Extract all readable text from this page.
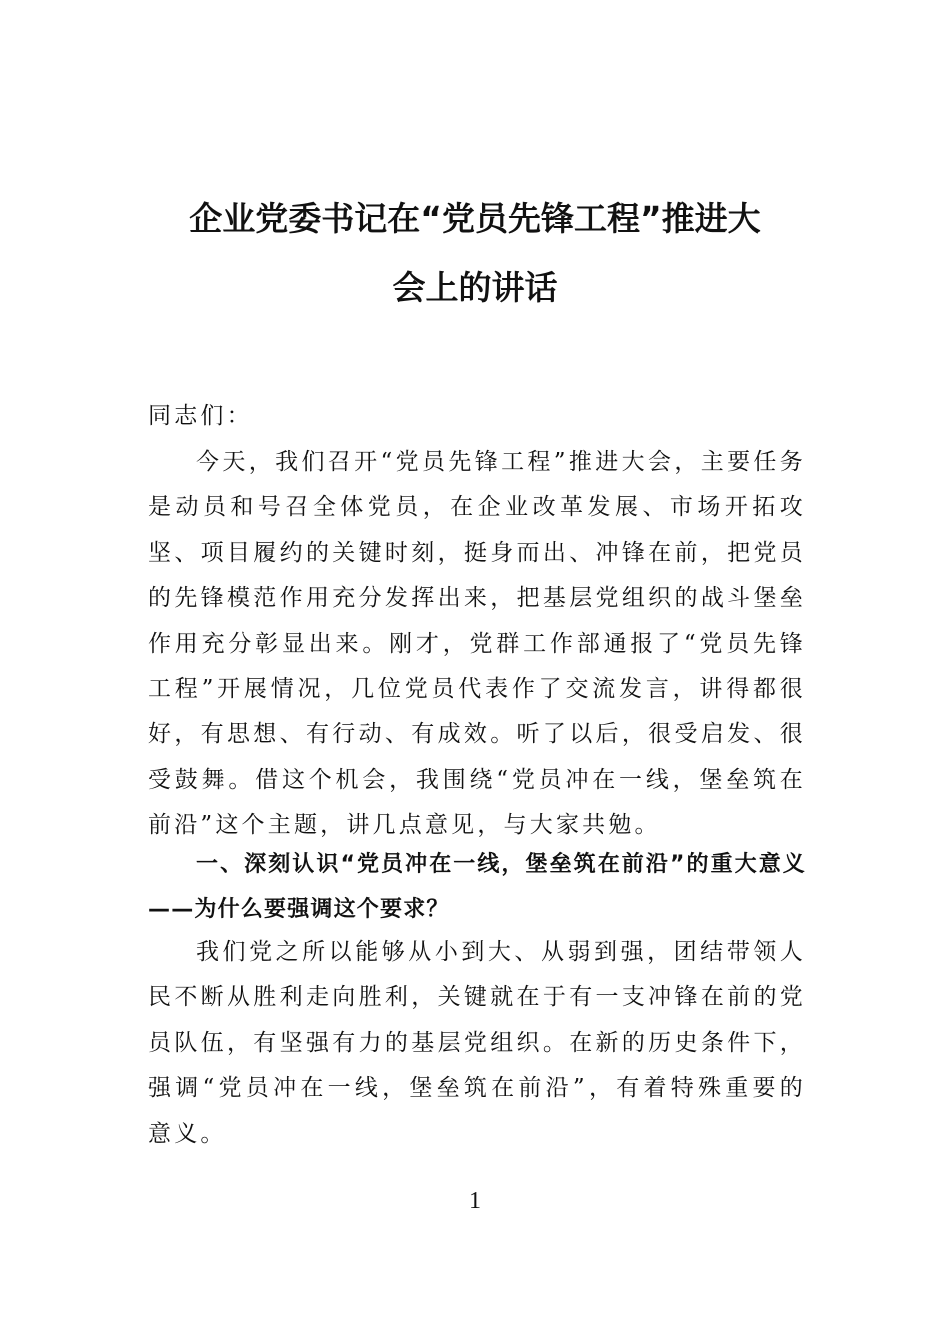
企业党委书记在“党员先锋工程”推进大
会上的讲话
同志们：
今天，我们召开“党员先锋工程”推进大会，主要任务是动员和号召全体党员，在企业改革发展、市场开拓攻坚、项目履约的关键时刻，挺身而出、冲锋在前，把党员的先锋模范作用充分发挥出来，把基层党组织的战斗堡垒作用充分彰显出来。刚才，党群工作部通报了“党员先锋工程”开展情况，几位党员代表作了交流发言，讲得都很好，有思想、有行动、有成效。听了以后，很受启发、很受鼓舞。借这个机会，我围绕“党员冲在一线，堡垒筑在前沿”这个主题，讲几点意见，与大家共勉。
一、深刻认识“党员冲在一线，堡垒筑在前沿”的重大意义——为什么要强调这个要求？
我们党之所以能够从小到大、从弱到强，团结带领人民不断从胜利走向胜利，关键就在于有一支冲锋在前的党员队伍，有坚强有力的基层党组织。在新的历史条件下，强调“党员冲在一线，堡垒筑在前沿”，有着特殊重要的意义。
1
